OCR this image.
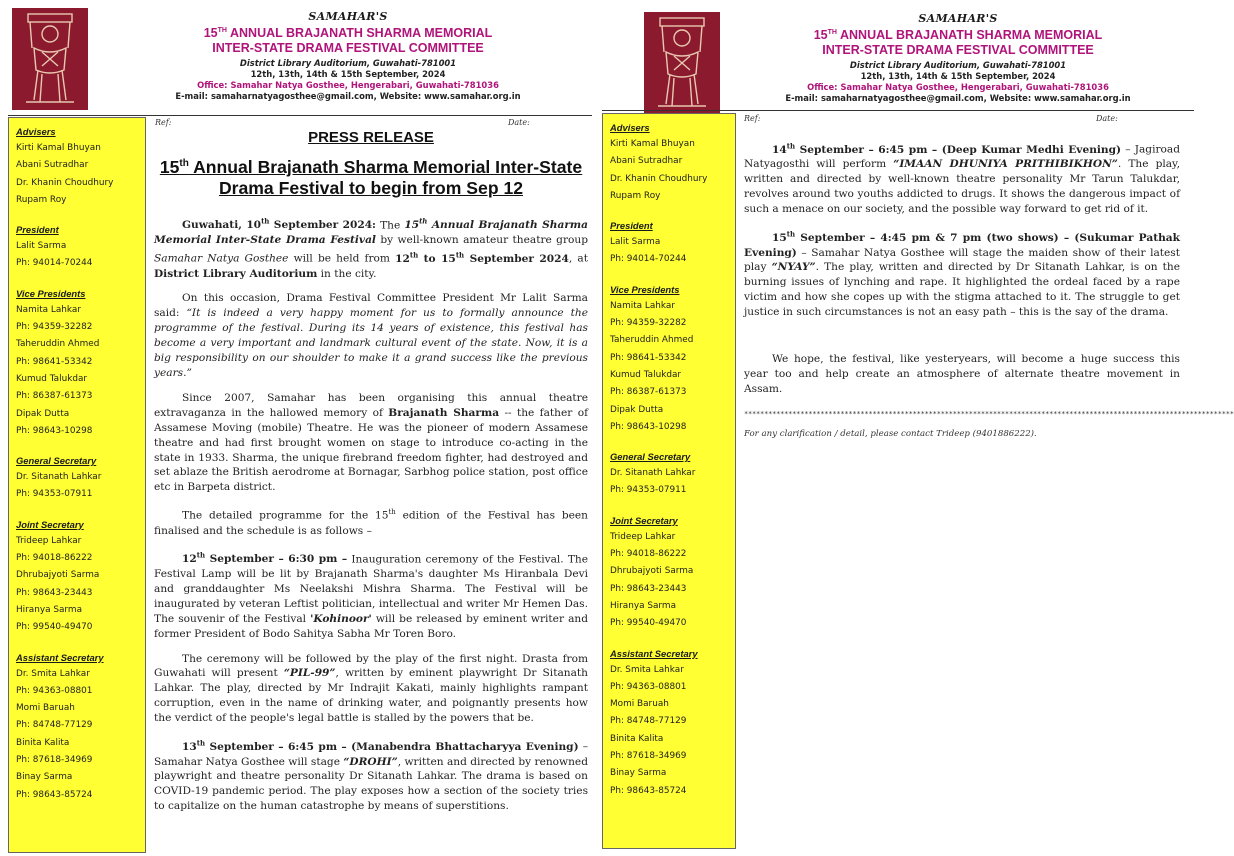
SAMAHAR'S
15TH ANNUAL BRAJANATH SHARMA MEMORIAL
INTER-STATE DRAMA FESTIVAL COMMITTEE
District Library Auditorium, Guwahati-781001
12th, 13th, 14th & 15th September, 2024
Office: Samahar Natya Gosthee, Hengerabari, Guwahati-781036
E-mail: samaharnatyagosthee@gmail.com, Website: www.samahar.org.in
Advisers
Kirti Kamal Bhuyan
Abani Sutradhar
Dr. Khanin Choudhury
Rupam Roy
President
Lalit Sarma
Ph: 94014-70244
Vice Presidents
Namita Lahkar
Ph: 94359-32282
Taheruddin Ahmed
Ph: 98641-53342
Kumud Talukdar
Ph: 86387-61373
Dipak Dutta
Ph: 98643-10298
General Secretary
Dr. Sitanath Lahkar
Ph: 94353-07911
Joint Secretary
Trideep Lahkar
Ph: 94018-86222
Dhrubajyoti Sarma
Ph: 98643-23443
Hiranya Sarma
Ph: 99540-49470
Assistant Secretary
Dr. Smita Lahkar
Ph: 94363-08801
Momi Baruah
Ph: 84748-77129
Binita Kalita
Ph: 87618-34969
Binay Sarma
Ph: 98643-85724
Ref:	Date:
PRESS RELEASE
15th Annual Brajanath Sharma Memorial Inter-State Drama Festival to begin from Sep 12

Guwahati, 10th September 2024: The 15th Annual Brajanath Sharma Memorial Inter-State Drama Festival by well-known amateur theatre group Samahar Natya Gosthee will be held from 12th to 15th September 2024, at District Library Auditorium in the city.

On this occasion, Drama Festival Committee President Mr Lalit Sarma said: “It is indeed a very happy moment for us to formally announce the programme of the festival. During its 14 years of existence, this festival has become a very important and landmark cultural event of the state. Now, it is a big responsibility on our shoulder to make it a grand success like the previous years.”

Since 2007, Samahar has been organising this annual theatre extravaganza in the hallowed memory of Brajanath Sharma -- the father of Assamese Moving (mobile) Theatre. He was the pioneer of modern Assamese theatre and had first brought women on stage to introduce co-acting in the state in 1933. Sharma, the unique firebrand freedom fighter, had destroyed and set ablaze the British aerodrome at Bornagar, Sarbhog police station, post office etc in Barpeta district.

The detailed programme for the 15th edition of the Festival has been finalised and the schedule is as follows –

12th September – 6:30 pm – Inauguration ceremony of the Festival. The Festival Lamp will be lit by Brajanath Sharma's daughter Ms Hiranbala Devi and granddaughter Ms Neelakshi Mishra Sharma. The Festival will be inaugurated by veteran Leftist politician, intellectual and writer Mr Hemen Das. The souvenir of the Festival 'Kohinoor' will be released by eminent writer and former President of Bodo Sahitya Sabha Mr Toren Boro.

The ceremony will be followed by the play of the first night. Drasta from Guwahati will present “PIL-99”, written by eminent playwright Dr Sitanath Lahkar. The play, directed by Mr Indrajit Kakati, mainly highlights rampant corruption, even in the name of drinking water, and poignantly presents how the verdict of the people's legal battle is stalled by the powers that be.

13th September – 6:45 pm – (Manabendra Bhattacharyya Evening) – Samahar Natya Gosthee will stage “DROHI”, written and directed by renowned playwright and theatre personality Dr Sitanath Lahkar. The drama is based on COVID-19 pandemic period. The play exposes how a section of the society tries to capitalize on the human catastrophe by means of superstitions.

SAMAHAR'S
15TH ANNUAL BRAJANATH SHARMA MEMORIAL
INTER-STATE DRAMA FESTIVAL COMMITTEE
District Library Auditorium, Guwahati-781001
12th, 13th, 14th & 15th September, 2024
Office: Samahar Natya Gosthee, Hengerabari, Guwahati-781036
E-mail: samaharnatyagosthee@gmail.com, Website: www.samahar.org.in
Advisers
Kirti Kamal Bhuyan
Abani Sutradhar
Dr. Khanin Choudhury
Rupam Roy
President
Lalit Sarma
Ph: 94014-70244
Vice Presidents
Namita Lahkar
Ph: 94359-32282
Taheruddin Ahmed
Ph: 98641-53342
Kumud Talukdar
Ph: 86387-61373
Dipak Dutta
Ph: 98643-10298
General Secretary
Dr. Sitanath Lahkar
Ph: 94353-07911
Joint Secretary
Trideep Lahkar
Ph: 94018-86222
Dhrubajyoti Sarma
Ph: 98643-23443
Hiranya Sarma
Ph: 99540-49470
Assistant Secretary
Dr. Smita Lahkar
Ph: 94363-08801
Momi Baruah
Ph: 84748-77129
Binita Kalita
Ph: 87618-34969
Binay Sarma
Ph: 98643-85724
Ref:	Date:

14th September – 6:45 pm – (Deep Kumar Medhi Evening) – Jagiroad Natyagosthi will perform “IMAAN DHUNIYA PRITHIBIKHON”. The play, written and directed by well-known theatre personality Mr Tarun Talukdar, revolves around two youths addicted to drugs. It shows the dangerous impact of such a menace on our society, and the possible way forward to get rid of it.

15th September – 4:45 pm & 7 pm (two shows) – (Sukumar Pathak Evening) – Samahar Natya Gosthee will stage the maiden show of their latest play “NYAY”. The play, written and directed by Dr Sitanath Lahkar, is on the burning issues of lynching and rape. It highlighted the ordeal faced by a rape victim and how she copes up with the stigma attached to it. The struggle to get justice in such circumstances is not an easy path – this is the say of the drama.

We hope, the festival, like yesteryears, will become a huge success this year too and help create an atmosphere of alternate theatre movement in Assam.

**************************************************************************************************************************
For any clarification / detail, please contact Trideep (9401886222).
